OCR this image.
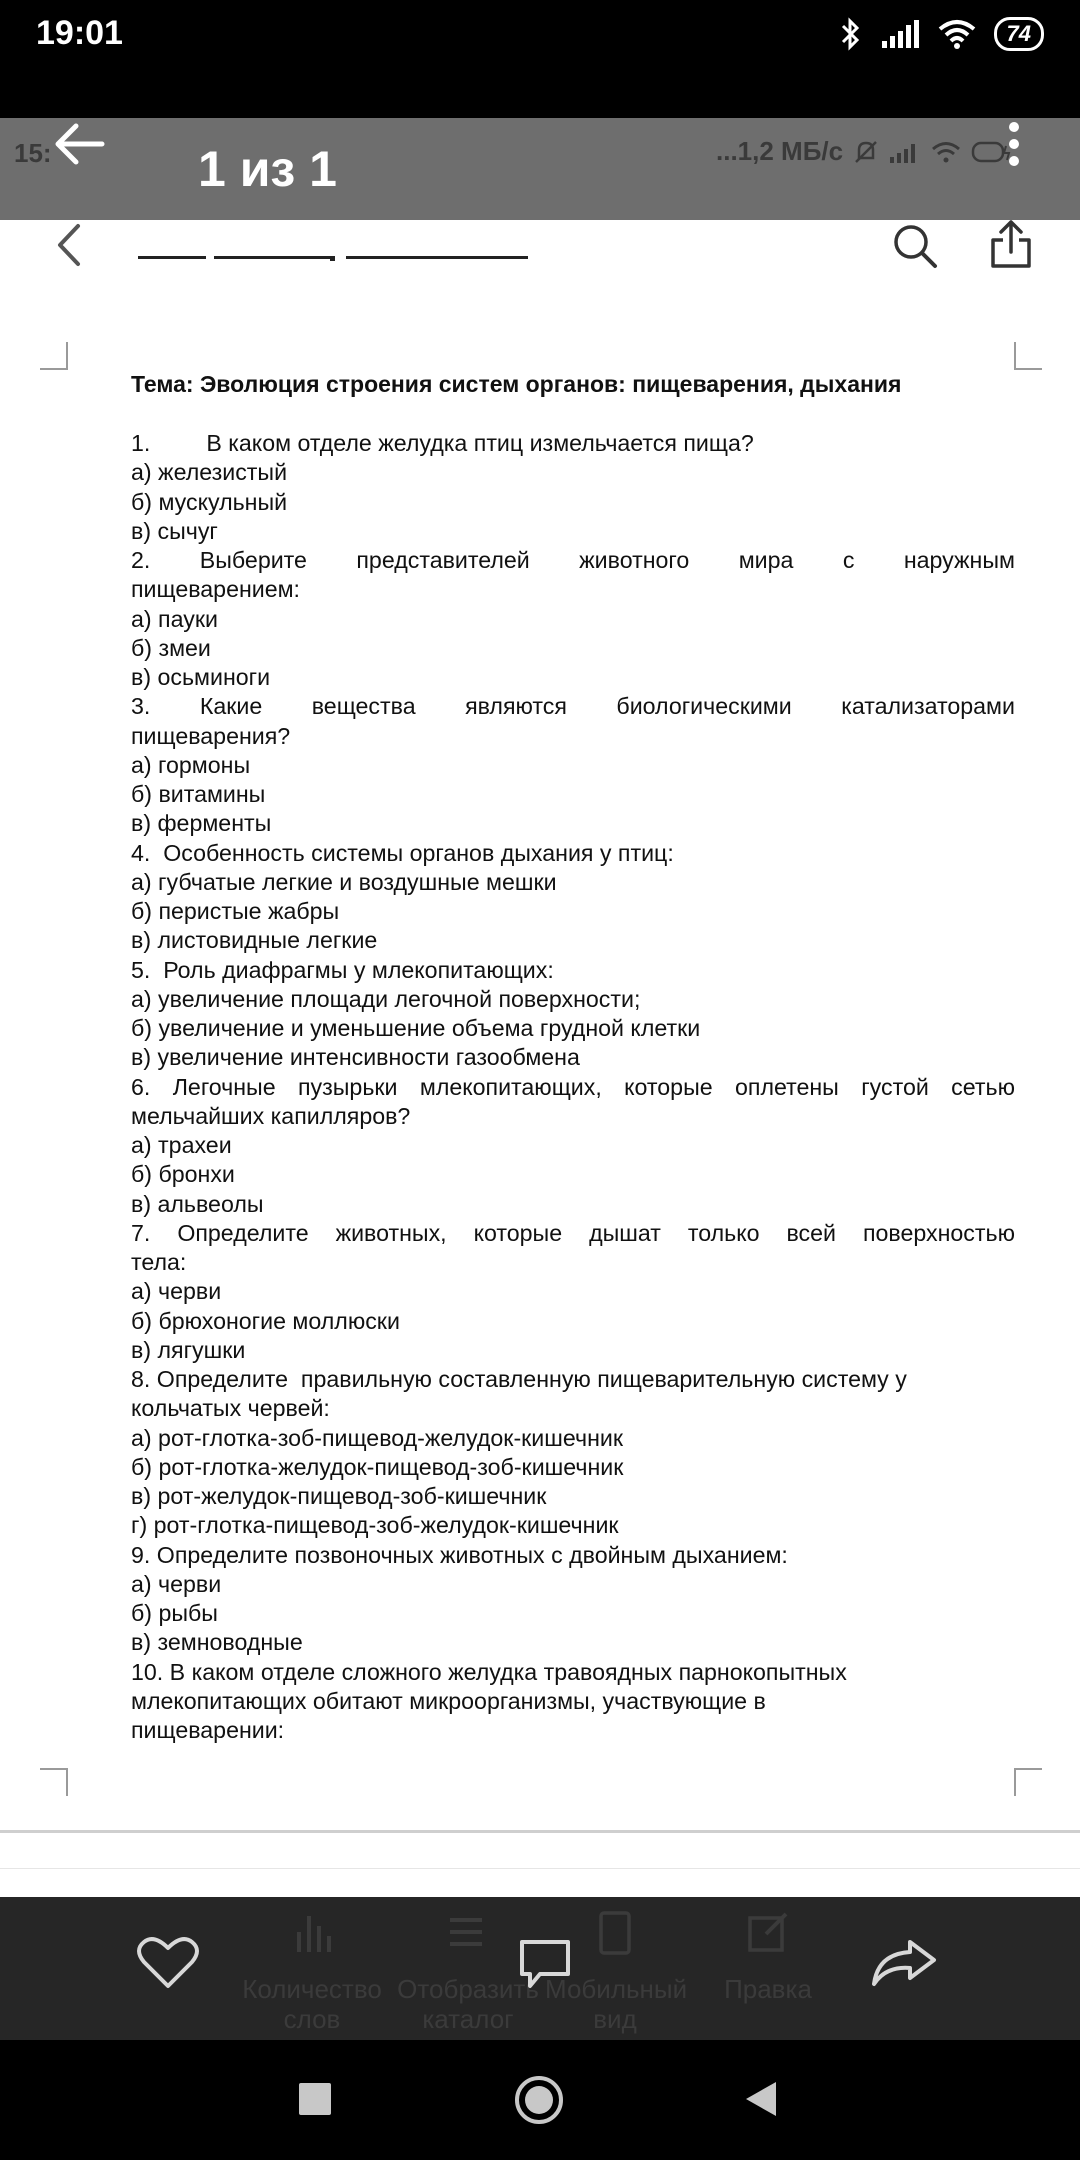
19:01	74
15:	1 из 1	...1,2 МБ/с
Тема: Эволюция строения систем органов: пищеварения, дыхания
1. В каком отделе желудка птиц измельчается пища?
а) железистый
б) мускульный
в) сычуг
2. Выберите представителей животного мира с наружным
пищеварением:
а) пауки
б) змеи
в) осьминоги
3. Какие вещества являются биологическими катализаторами
пищеварения?
а) гормоны
б) витамины
в) ферменты
4.  Особенность системы органов дыхания у птиц:
а) губчатые легкие и воздушные мешки
б) перистые жабры
в) листовидные легкие
5.  Роль диафрагмы у млекопитающих:
а) увеличение площади легочной поверхности;
б) увеличение и уменьшение объема грудной клетки
в) увеличение интенсивности газообмена
6. Легочные пузырьки млекопитающих, которые оплетены густой сетью
мельчайших капилляров?
а) трахеи
б) бронхи
в) альвеолы
7. Определите животных, которые дышат только всей поверхностью
тела:
а) черви
б) брюхоногие моллюски
в) лягушки
8. Определите  правильную составленную пищеварительную систему у
кольчатых червей:
а) рот-глотка-зоб-пищевод-желудок-кишечник
б) рот-глотка-желудок-пищевод-зоб-кишечник
в) рот-желудок-пищевод-зоб-кишечник
г) рот-глотка-пищевод-зоб-желудок-кишечник
9. Определите позвоночных животных с двойным дыханием:
а) черви
б) рыбы
в) земноводные
10. В каком отделе сложного желудка травоядных парнокопытных
млекопитающих обитают микроорганизмы, участвующие в
пищеварении:
Количество слов
Отобразить каталог
Мобильный вид
Правка
